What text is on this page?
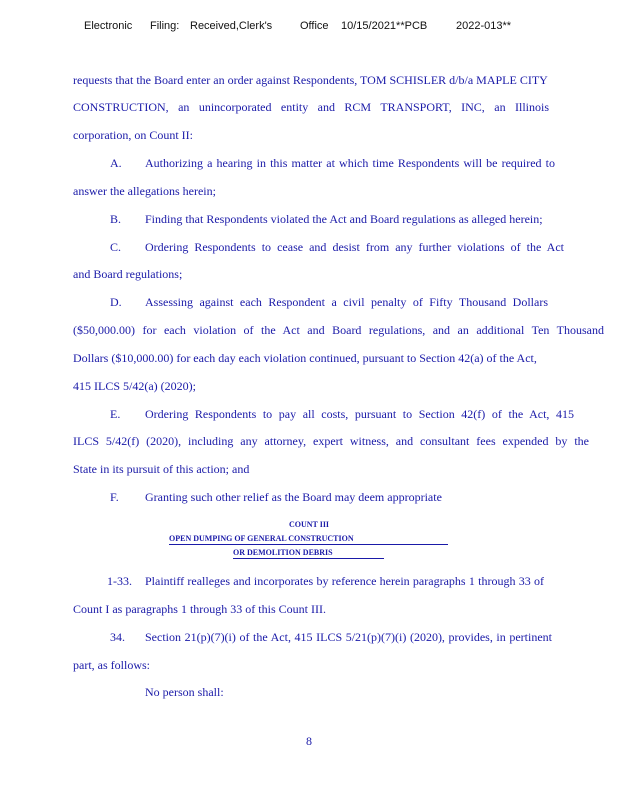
Electronic Filing: Received,Clerk's	Office 10/15/2021**PCB	2022-013**
requests that the Board enter an order against Respondents, TOM SCHISLER d/b/a MAPLE CITY
CONSTRUCTION, an unincorporated entity and RCM TRANSPORT, INC, an Illinois
corporation, on Count II:
A. Authorizing a hearing in this matter at which time Respondents will be required to
answer the allegations herein;
B. Finding that Respondents violated the Act and Board regulations as alleged herein;
C. Ordering Respondents to cease and desist from any further violations of the Act
and Board regulations;
D. Assessing against each Respondent a civil penalty of Fifty Thousand Dollars
($50,000.00) for each violation of the Act and Board regulations, and an additional Ten Thousand
Dollars ($10,000.00) for each day each violation continued, pursuant to Section 42(a) of the Act,
415 ILCS 5/42(a) (2020);
E. Ordering Respondents to pay all costs, pursuant to Section 42(f) of the Act, 415
ILCS 5/42(f) (2020), including any attorney, expert witness, and consultant fees expended by the
State in its pursuit of this action; and
F. Granting such other relief as the Board may deem appropriate
COUNT III
OPEN DUMPING OF GENERAL CONSTRUCTION
OR DEMOLITION DEBRIS
1-33. Plaintiff realleges and incorporates by reference herein paragraphs 1 through 33 of
Count I as paragraphs 1 through 33 of this Count III.
34. Section 21(p)(7)(i) of the Act, 415 ILCS 5/21(p)(7)(i) (2020), provides, in pertinent
part, as follows:
No person shall:
8
